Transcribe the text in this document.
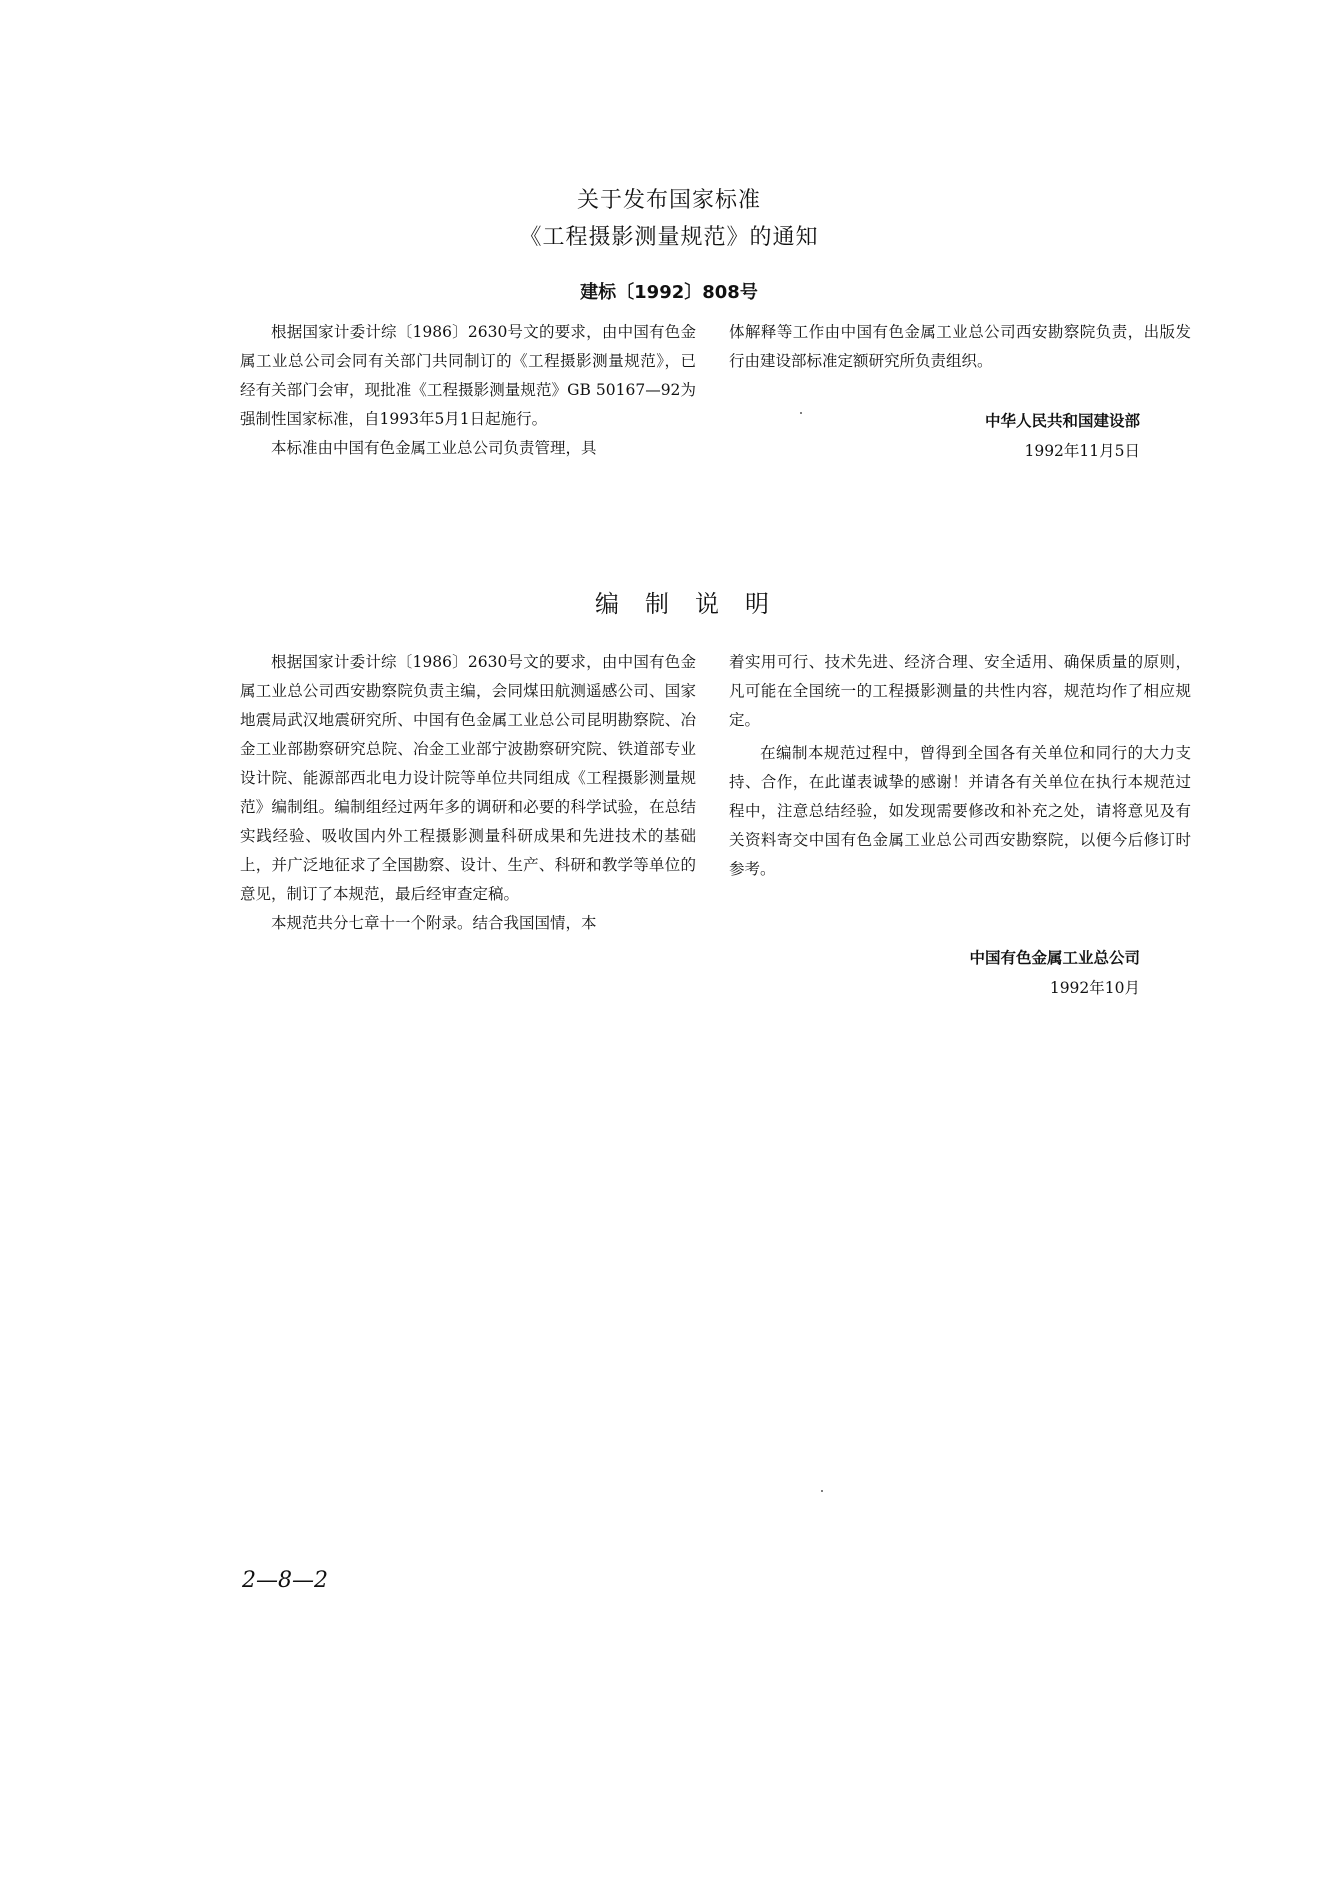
关于发布国家标准
《工程摄影测量规范》的通知
建标〔1992〕808号

根据国家计委计综〔1986〕2630号文的要求，由中国有色金属工业总公司会同有关部门共同制订的《工程摄影测量规范》，已经有关部门会审，现批准《工程摄影测量规范》GB 50167—92为强制性国家标准，自1993年5月1日起施行。

本标准由中国有色金属工业总公司负责管理，具

体解释等工作由中国有色金属工业总公司西安勘察院负责，出版发行由建设部标准定额研究所负责组织。

中华人民共和国建设部
1992年11月5日
编制说明

根据国家计委计综〔1986〕2630号文的要求，由中国有色金属工业总公司西安勘察院负责主编，会同煤田航测遥感公司、国家地震局武汉地震研究所、中国有色金属工业总公司昆明勘察院、冶金工业部勘察研究总院、冶金工业部宁波勘察研究院、铁道部专业设计院、能源部西北电力设计院等单位共同组成《工程摄影测量规范》编制组。编制组经过两年多的调研和必要的科学试验，在总结实践经验、吸收国内外工程摄影测量科研成果和先进技术的基础上，并广泛地征求了全国勘察、设计、生产、科研和教学等单位的意见，制订了本规范，最后经审查定稿。

本规范共分七章十一个附录。结合我国国情，本

着实用可行、技术先进、经济合理、安全适用、确保质量的原则，凡可能在全国统一的工程摄影测量的共性内容，规范均作了相应规定。

在编制本规范过程中，曾得到全国各有关单位和同行的大力支持、合作，在此谨表诚挚的感谢！并请各有关单位在执行本规范过程中，注意总结经验，如发现需要修改和补充之处，请将意见及有关资料寄交中国有色金属工业总公司西安勘察院，以便今后修订时参考。

中国有色金属工业总公司
1992年10月
2—8—2
